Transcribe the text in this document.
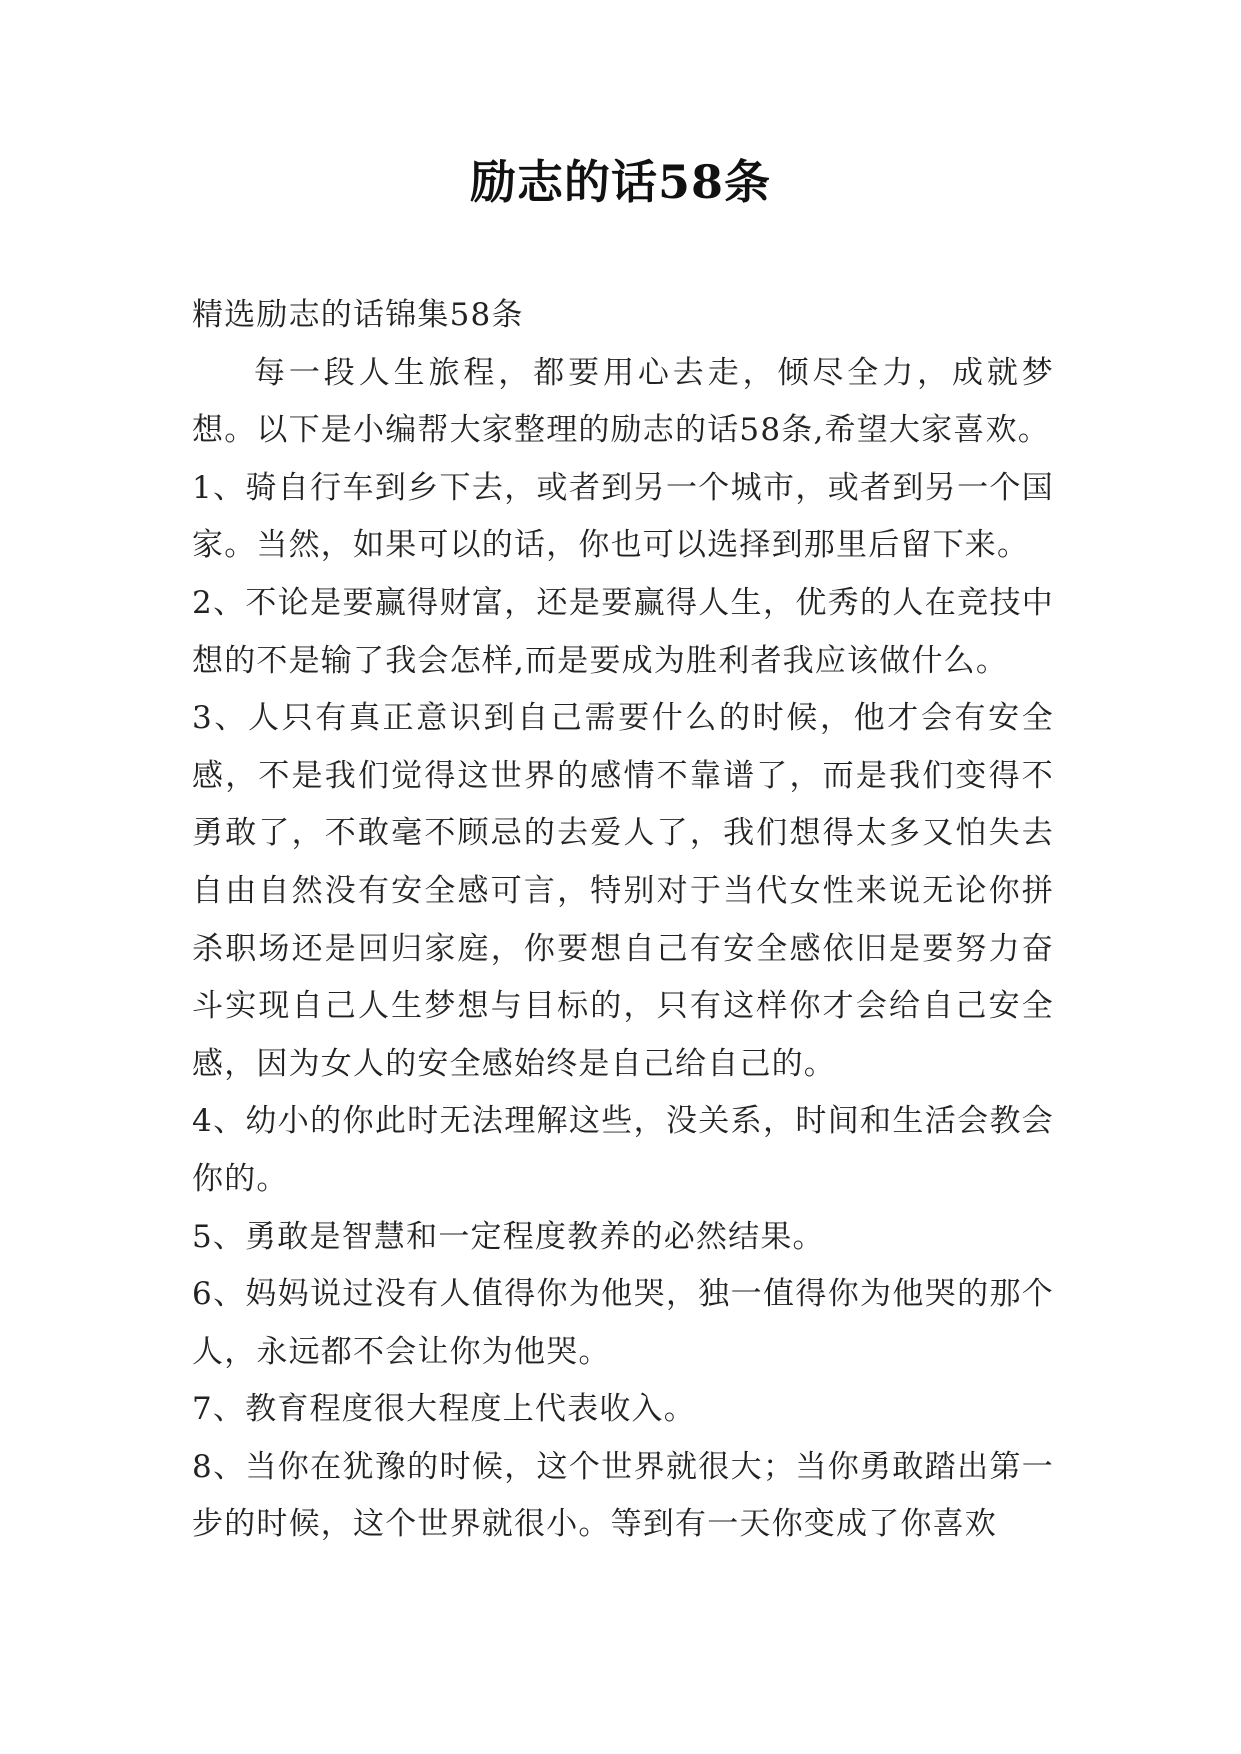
励志的话58条

精选励志的话锦集58条

每一段人生旅程，都要用心去走，倾尽全力，成就梦想。以下是小编帮大家整理的励志的话58条,希望大家喜欢。

1、骑自行车到乡下去，或者到另一个城市，或者到另一个国家。当然，如果可以的话，你也可以选择到那里后留下来。

2、不论是要赢得财富，还是要赢得人生，优秀的人在竞技中想的不是输了我会怎样,而是要成为胜利者我应该做什么。

3、人只有真正意识到自己需要什么的时候，他才会有安全感，不是我们觉得这世界的感情不靠谱了，而是我们变得不勇敢了，不敢毫不顾忌的去爱人了，我们想得太多又怕失去自由自然没有安全感可言，特别对于当代女性来说无论你拼杀职场还是回归家庭，你要想自己有安全感依旧是要努力奋斗实现自己人生梦想与目标的，只有这样你才会给自己安全感，因为女人的安全感始终是自己给自己的。

4、幼小的你此时无法理解这些，没关系，时间和生活会教会你的。

5、勇敢是智慧和一定程度教养的必然结果。

6、妈妈说过没有人值得你为他哭，独一值得你为他哭的那个人，永远都不会让你为他哭。

7、教育程度很大程度上代表收入。

8、当你在犹豫的时候，这个世界就很大；当你勇敢踏出第一步的时候，这个世界就很小。等到有一天你变成了你喜欢
